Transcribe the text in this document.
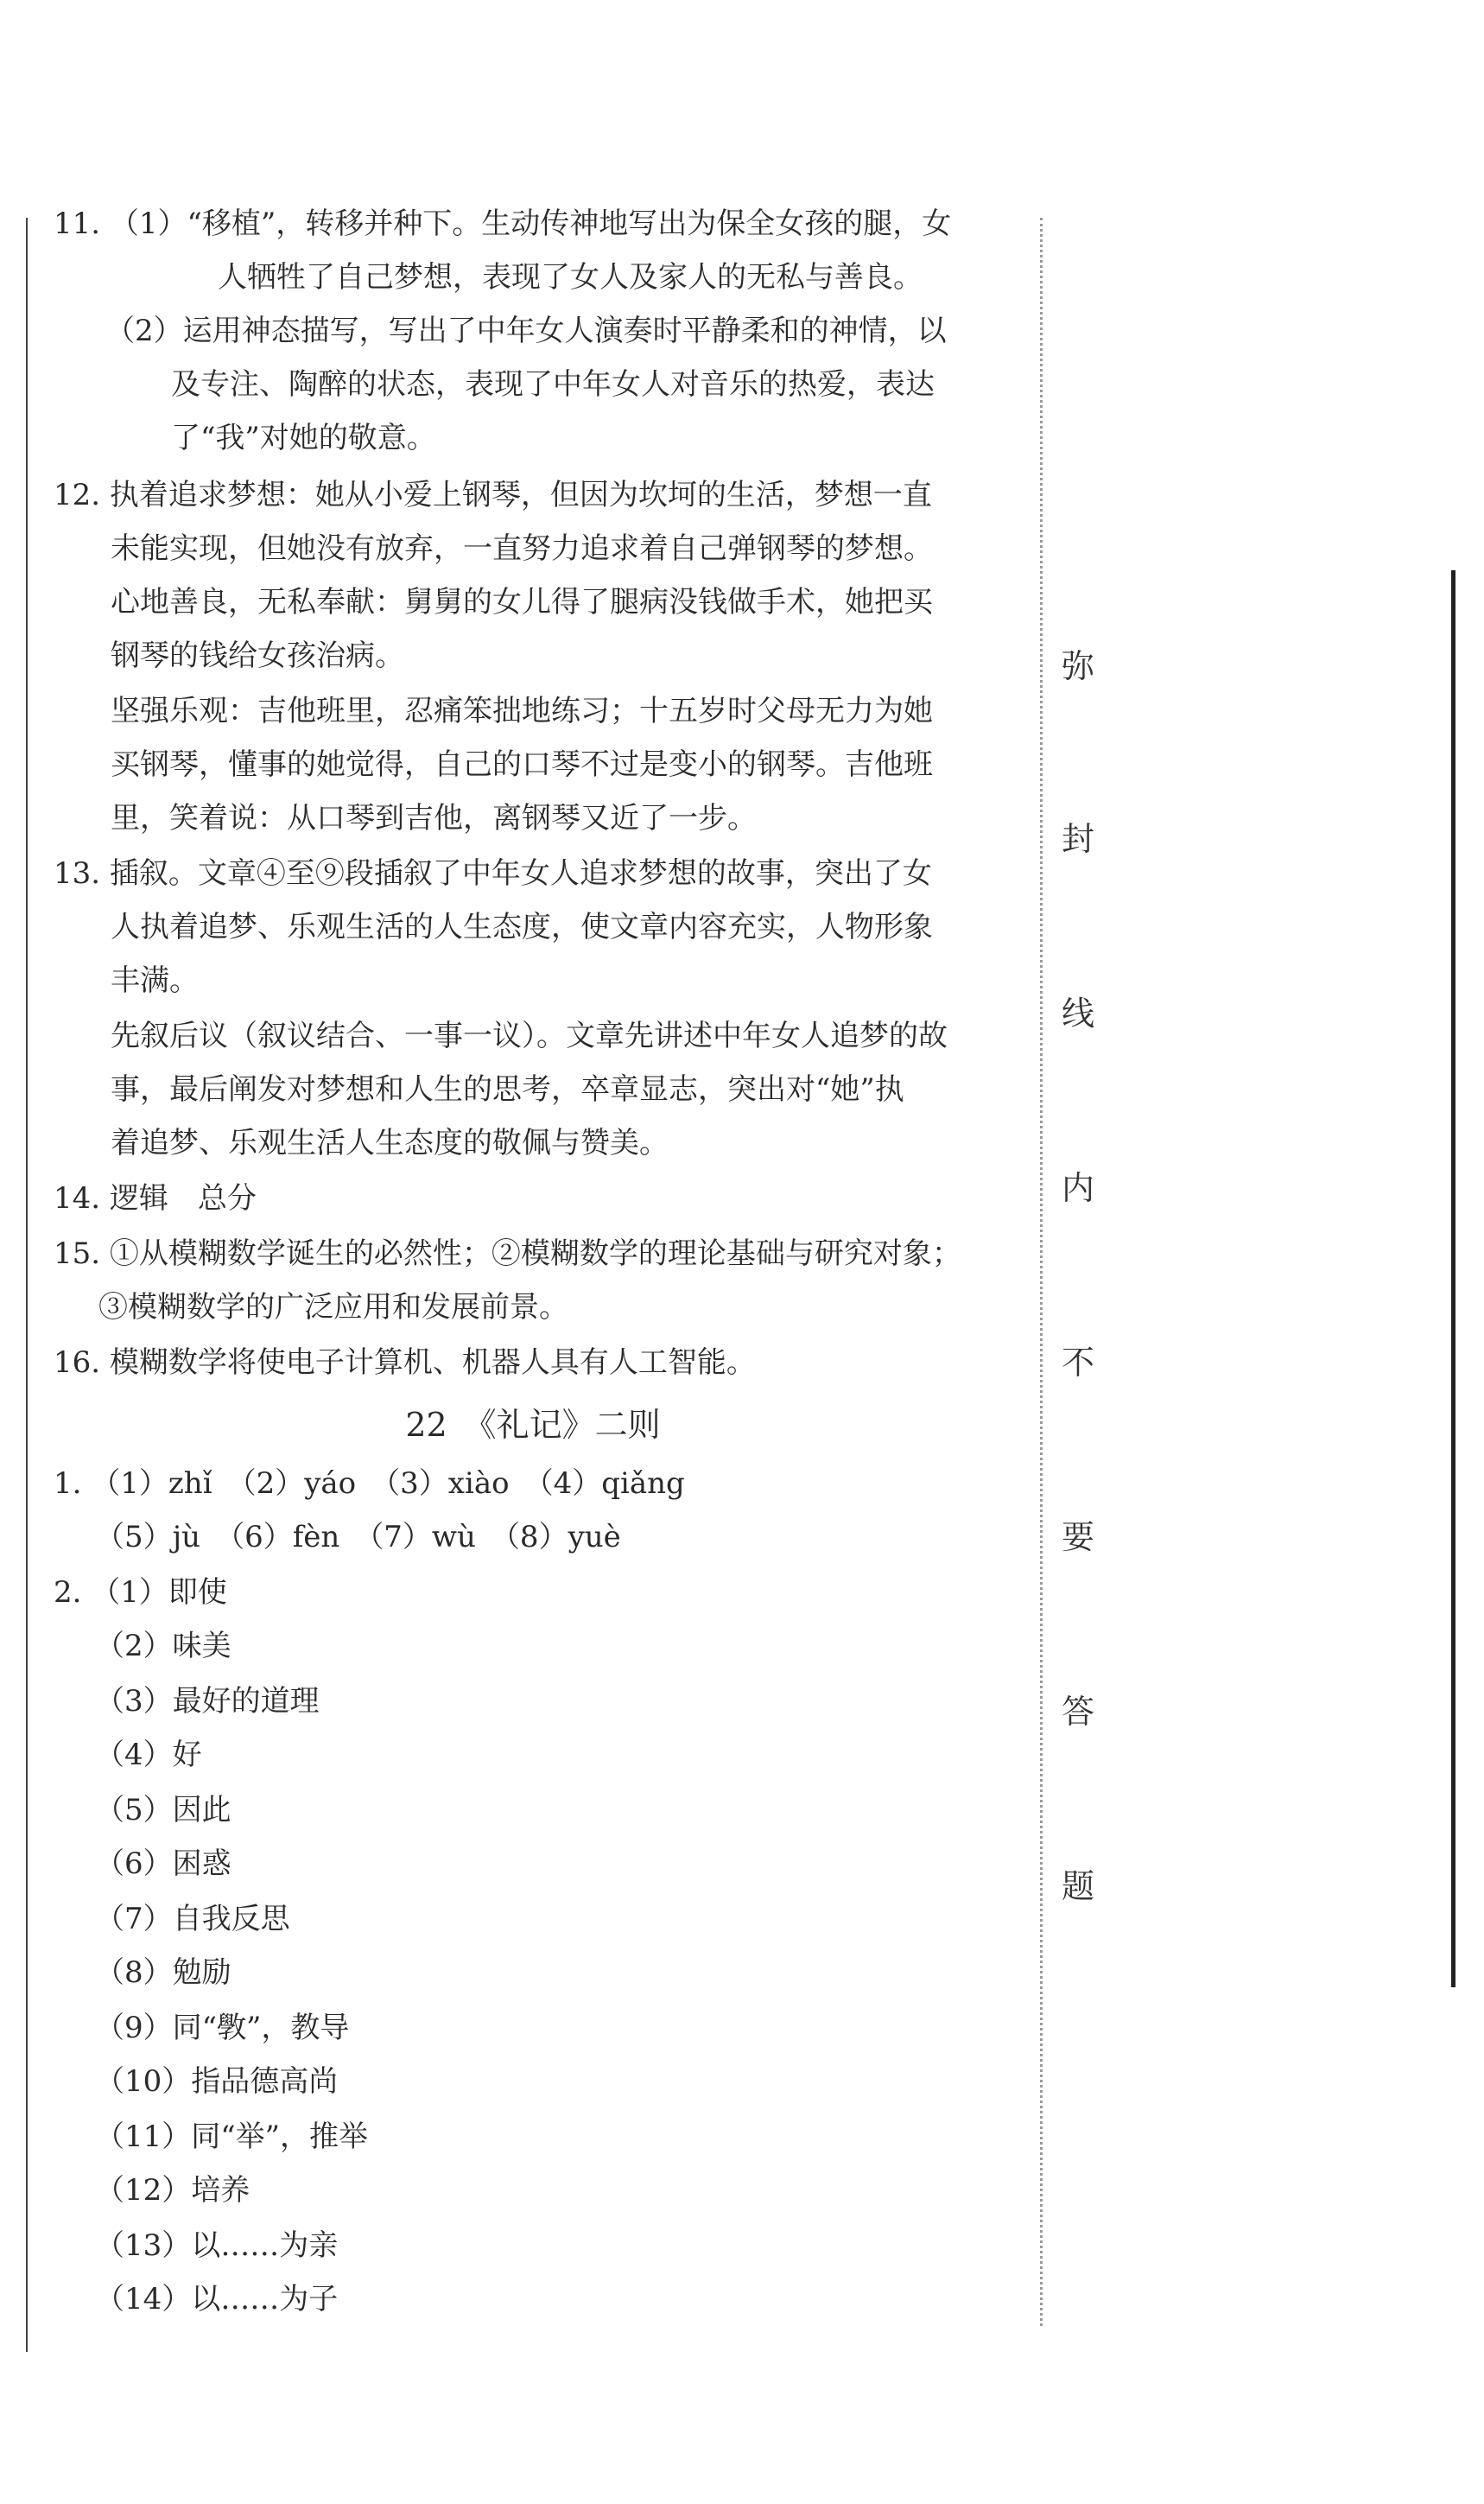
11. （1）“移植”，转移并种下。生动传神地写出为保全女孩的腿，女
人牺牲了自己梦想，表现了女人及家人的无私与善良。
（2）运用神态描写，写出了中年女人演奏时平静柔和的神情，以
及专注、陶醉的状态，表现了中年女人对音乐的热爱，表达
了“我”对她的敬意。
12. 执着追求梦想：她从小爱上钢琴，但因为坎坷的生活，梦想一直
未能实现，但她没有放弃，一直努力追求着自己弹钢琴的梦想。
心地善良，无私奉献：舅舅的女儿得了腿病没钱做手术，她把买
钢琴的钱给女孩治病。
坚强乐观：吉他班里，忍痛笨拙地练习；十五岁时父母无力为她
买钢琴，懂事的她觉得，自己的口琴不过是变小的钢琴。吉他班
里，笑着说：从口琴到吉他，离钢琴又近了一步。
13. 插叙。文章④至⑨段插叙了中年女人追求梦想的故事，突出了女
人执着追梦、乐观生活的人生态度，使文章内容充实，人物形象
丰满。
先叙后议（叙议结合、一事一议）。文章先讲述中年女人追梦的故
事，最后阐发对梦想和人生的思考，卒章显志，突出对“她”执
着追梦、乐观生活人生态度的敬佩与赞美。
14. 逻辑　总分
15. ①从模糊数学诞生的必然性；②模糊数学的理论基础与研究对象；
③模糊数学的广泛应用和发展前景。
16. 模糊数学将使电子计算机、机器人具有人工智能。
22　《礼记》二则
1. （1）zhǐ　（2）yáo　（3）xiào　（4）qiǎng
（5）jù　（6）fèn　（7）wù　（8）yuè
2. （1）即使
（2）味美
（3）最好的道理
（4）好
（5）因此
（6）困惑
（7）自我反思
（8）勉励
（9）同“斆”，教导
（10）指品德高尚
（11）同“举”，推举
（12）培养
（13）以……为亲
（14）以……为子
弥
封
线
内
不
要
答
题
